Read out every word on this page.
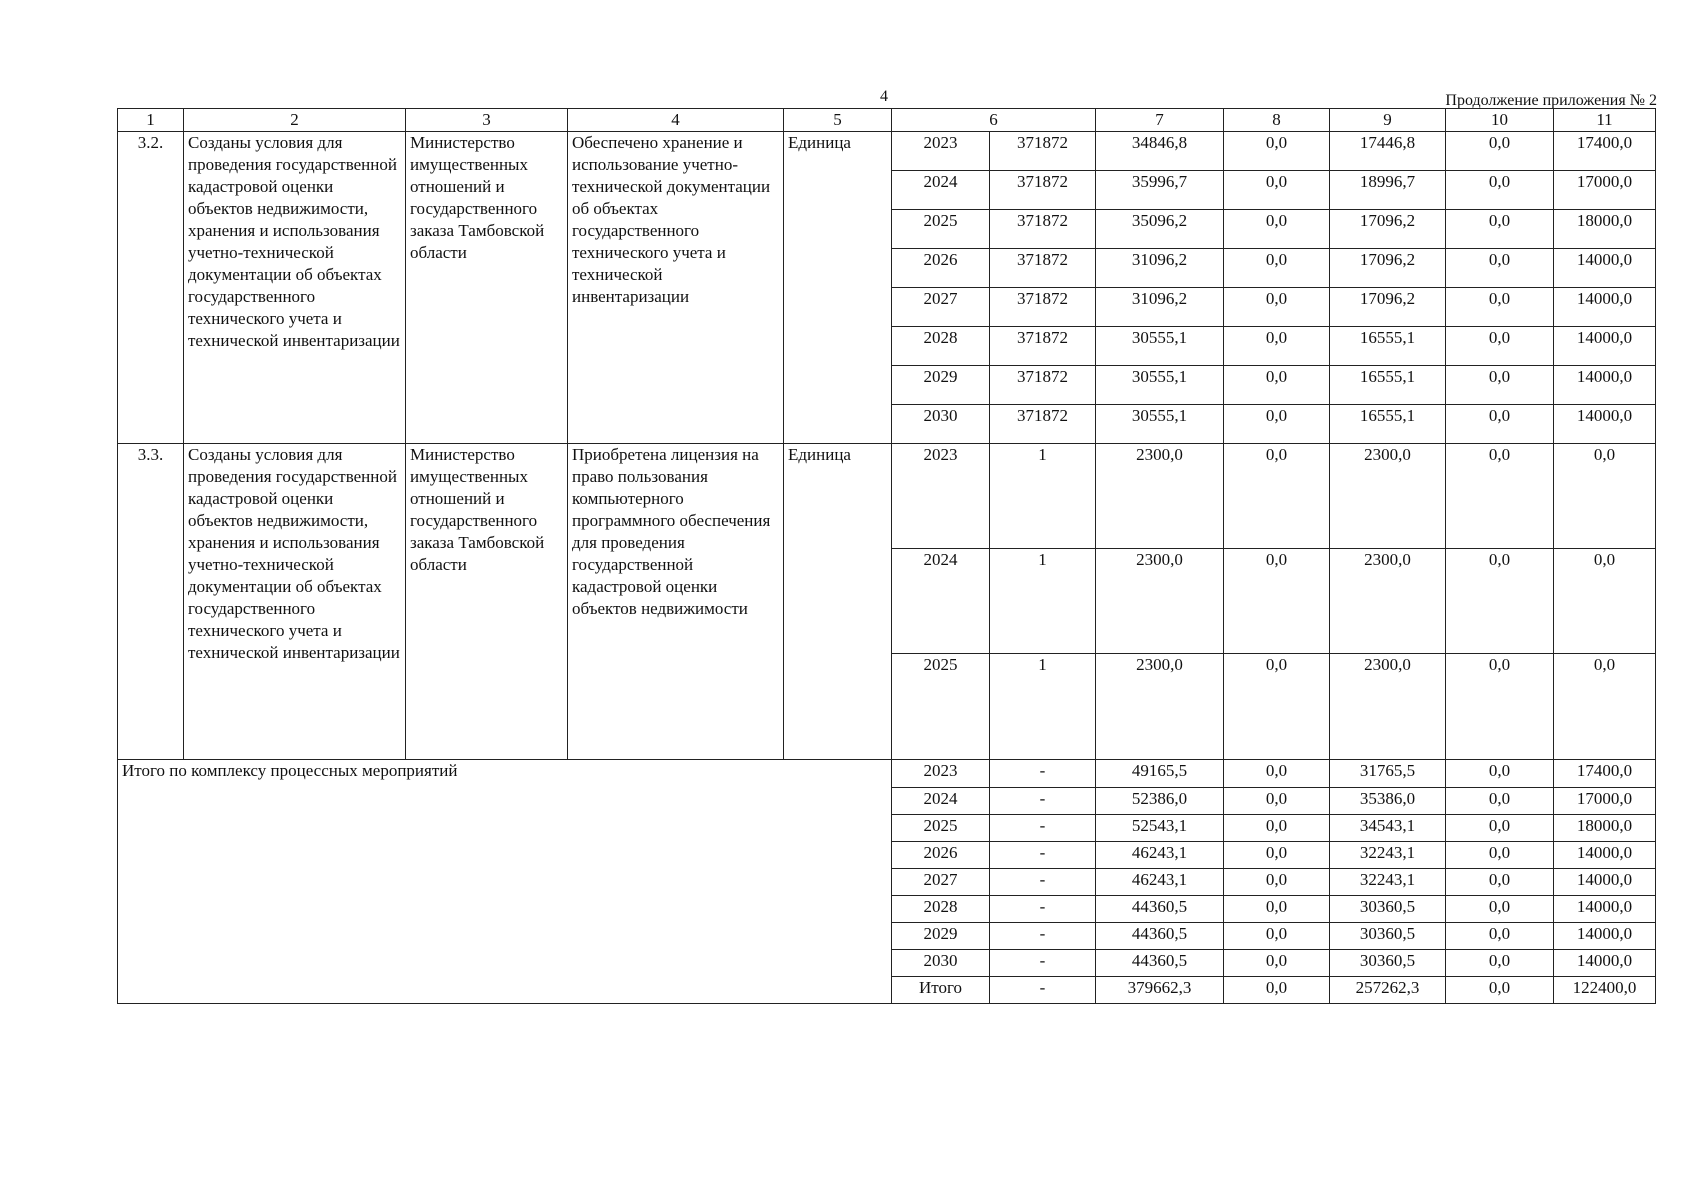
4	Продолжение приложения № 2
1	2	3	4	5	6		7	8	9	10	11
3.2.	Созданы условия для проведения государственной кадастровой оценки объектов недвижимости, хранения и использования учетно-технической документации об объектах государственного технического учета и технической инвентаризации	Министерство имущественных отношений и государственного заказа Тамбовской области	Обеспечено хранение и использование учетно-технической документации об объектах государственного технического учета и технической инвентаризации	Единица	2023	371872	34846,8	0,0	17446,8	0,0	17400,0
					2024	371872	35996,7	0,0	18996,7	0,0	17000,0
					2025	371872	35096,2	0,0	17096,2	0,0	18000,0
					2026	371872	31096,2	0,0	17096,2	0,0	14000,0
					2027	371872	31096,2	0,0	17096,2	0,0	14000,0
					2028	371872	30555,1	0,0	16555,1	0,0	14000,0
					2029	371872	30555,1	0,0	16555,1	0,0	14000,0
					2030	371872	30555,1	0,0	16555,1	0,0	14000,0
3.3.	Созданы условия для проведения государственной кадастровой оценки объектов недвижимости, хранения и использования учетно-технической документации об объектах государственного технического учета и технической инвентаризации	Министерство имущественных отношений и государственного заказа Тамбовской области	Приобретена лицензия на право пользования компьютерного программного обеспечения для проведения государственной кадастровой оценки объектов недвижимости	Единица	2023	1	2300,0	0,0	2300,0	0,0	0,0
					2024	1	2300,0	0,0	2300,0	0,0	0,0
					2025	1	2300,0	0,0	2300,0	0,0	0,0
Итого по комплексу процессных мероприятий					2023	-	49165,5	0,0	31765,5	0,0	17400,0
					2024	-	52386,0	0,0	35386,0	0,0	17000,0
					2025	-	52543,1	0,0	34543,1	0,0	18000,0
					2026	-	46243,1	0,0	32243,1	0,0	14000,0
					2027	-	46243,1	0,0	32243,1	0,0	14000,0
					2028	-	44360,5	0,0	30360,5	0,0	14000,0
					2029	-	44360,5	0,0	30360,5	0,0	14000,0
					2030	-	44360,5	0,0	30360,5	0,0	14000,0
					Итого	-	379662,3	0,0	257262,3	0,0	122400,0
